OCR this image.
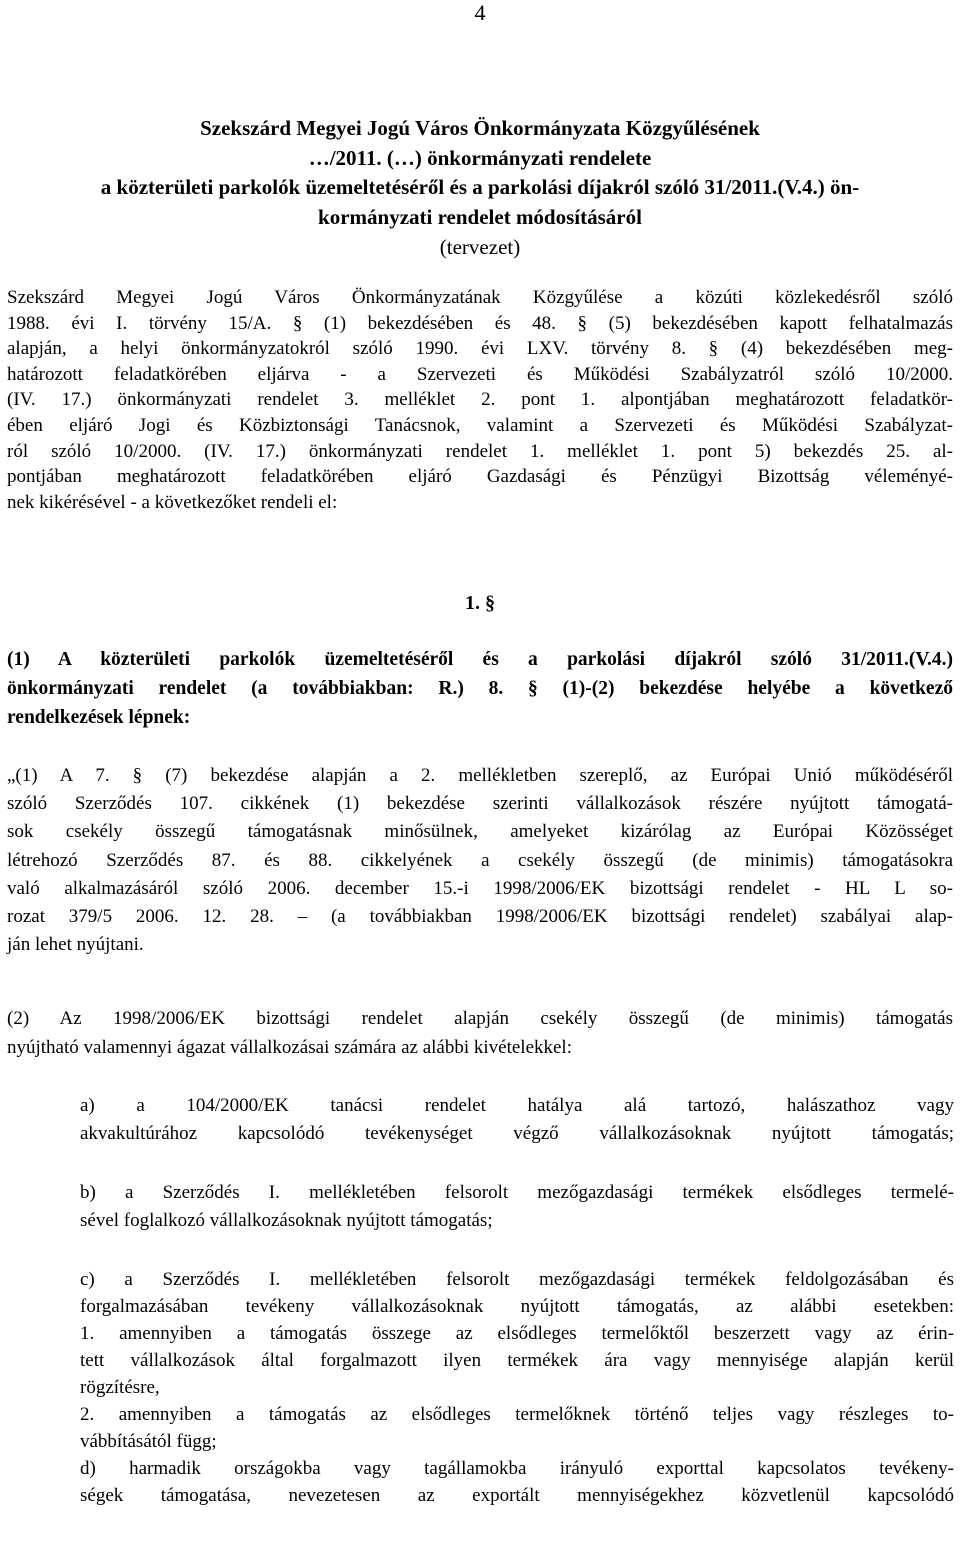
4
Szekszárd Megyei Jogú Város Önkormányzata Közgyűlésének
…/2011. (…) önkormányzati rendelete
a közterületi parkolók üzemeltetéséről és a parkolási díjakról szóló 31/2011.(V.4.) ön-
kormányzati rendelet módosításáról
(tervezet)
Szekszárd Megyei Jogú Város Önkormányzatának Közgyűlése a közúti közlekedésről szóló
1988. évi I. törvény 15/A. § (1) bekezdésében és 48. § (5) bekezdésében kapott felhatalmazás
alapján, a helyi önkormányzatokról szóló 1990. évi LXV. törvény 8. § (4) bekezdésében meg-
határozott feladatkörében eljárva - a Szervezeti és Működési Szabályzatról szóló 10/2000.
(IV. 17.) önkormányzati rendelet 3. melléklet 2. pont 1. alpontjában meghatározott feladatkör-
ében eljáró Jogi és Közbiztonsági Tanácsnok, valamint a Szervezeti és Működési Szabályzat-
ról szóló 10/2000. (IV. 17.) önkormányzati rendelet 1. melléklet 1. pont 5) bekezdés 25. al-
pontjában meghatározott feladatkörében eljáró Gazdasági és Pénzügyi Bizottság véleményé-
nek kikérésével - a következőket rendeli el:
1. §
(1) A közterületi parkolók üzemeltetéséről és a parkolási díjakról szóló 31/2011.(V.4.)
önkormányzati rendelet (a továbbiakban: R.) 8. § (1)-(2) bekezdése helyébe a következő
rendelkezések lépnek:
„(1) A 7. § (7) bekezdése alapján a 2. mellékletben szereplő, az Európai Unió működéséről
szóló Szerződés 107. cikkének (1) bekezdése szerinti vállalkozások részére nyújtott támogatá-
sok csekély összegű támogatásnak minősülnek, amelyeket kizárólag az Európai Közösséget
létrehozó Szerződés 87. és 88. cikkelyének a csekély összegű (de minimis) támogatásokra
való alkalmazásáról szóló 2006. december 15.-i 1998/2006/EK bizottsági rendelet - HL L so-
rozat 379/5 2006. 12. 28. – (a továbbiakban 1998/2006/EK bizottsági rendelet) szabályai alap-
ján lehet nyújtani.
(2) Az 1998/2006/EK bizottsági rendelet alapján csekély összegű (de minimis) támogatás
nyújtható valamennyi ágazat vállalkozásai számára az alábbi kivételekkel:
a) a 104/2000/EK tanácsi rendelet hatálya alá tartozó, halászathoz vagy
akvakultúrához kapcsolódó tevékenységet végző vállalkozásoknak nyújtott támogatás;
b) a Szerződés I. mellékletében felsorolt mezőgazdasági termékek elsődleges termelé-
sével foglalkozó vállalkozásoknak nyújtott támogatás;
c) a Szerződés I. mellékletében felsorolt mezőgazdasági termékek feldolgozásában és
forgalmazásában tevékeny vállalkozásoknak nyújtott támogatás, az alábbi esetekben:
1. amennyiben a támogatás összege az elsődleges termelőktől beszerzett vagy az érin-
tett vállalkozások által forgalmazott ilyen termékek ára vagy mennyisége alapján kerül
rögzítésre,
2. amennyiben a támogatás az elsődleges termelőknek történő teljes vagy részleges to-
vábbításától függ;
d) harmadik országokba vagy tagállamokba irányuló exporttal kapcsolatos tevékeny-
ségek támogatása, nevezetesen az exportált mennyiségekhez közvetlenül kapcsolódó
